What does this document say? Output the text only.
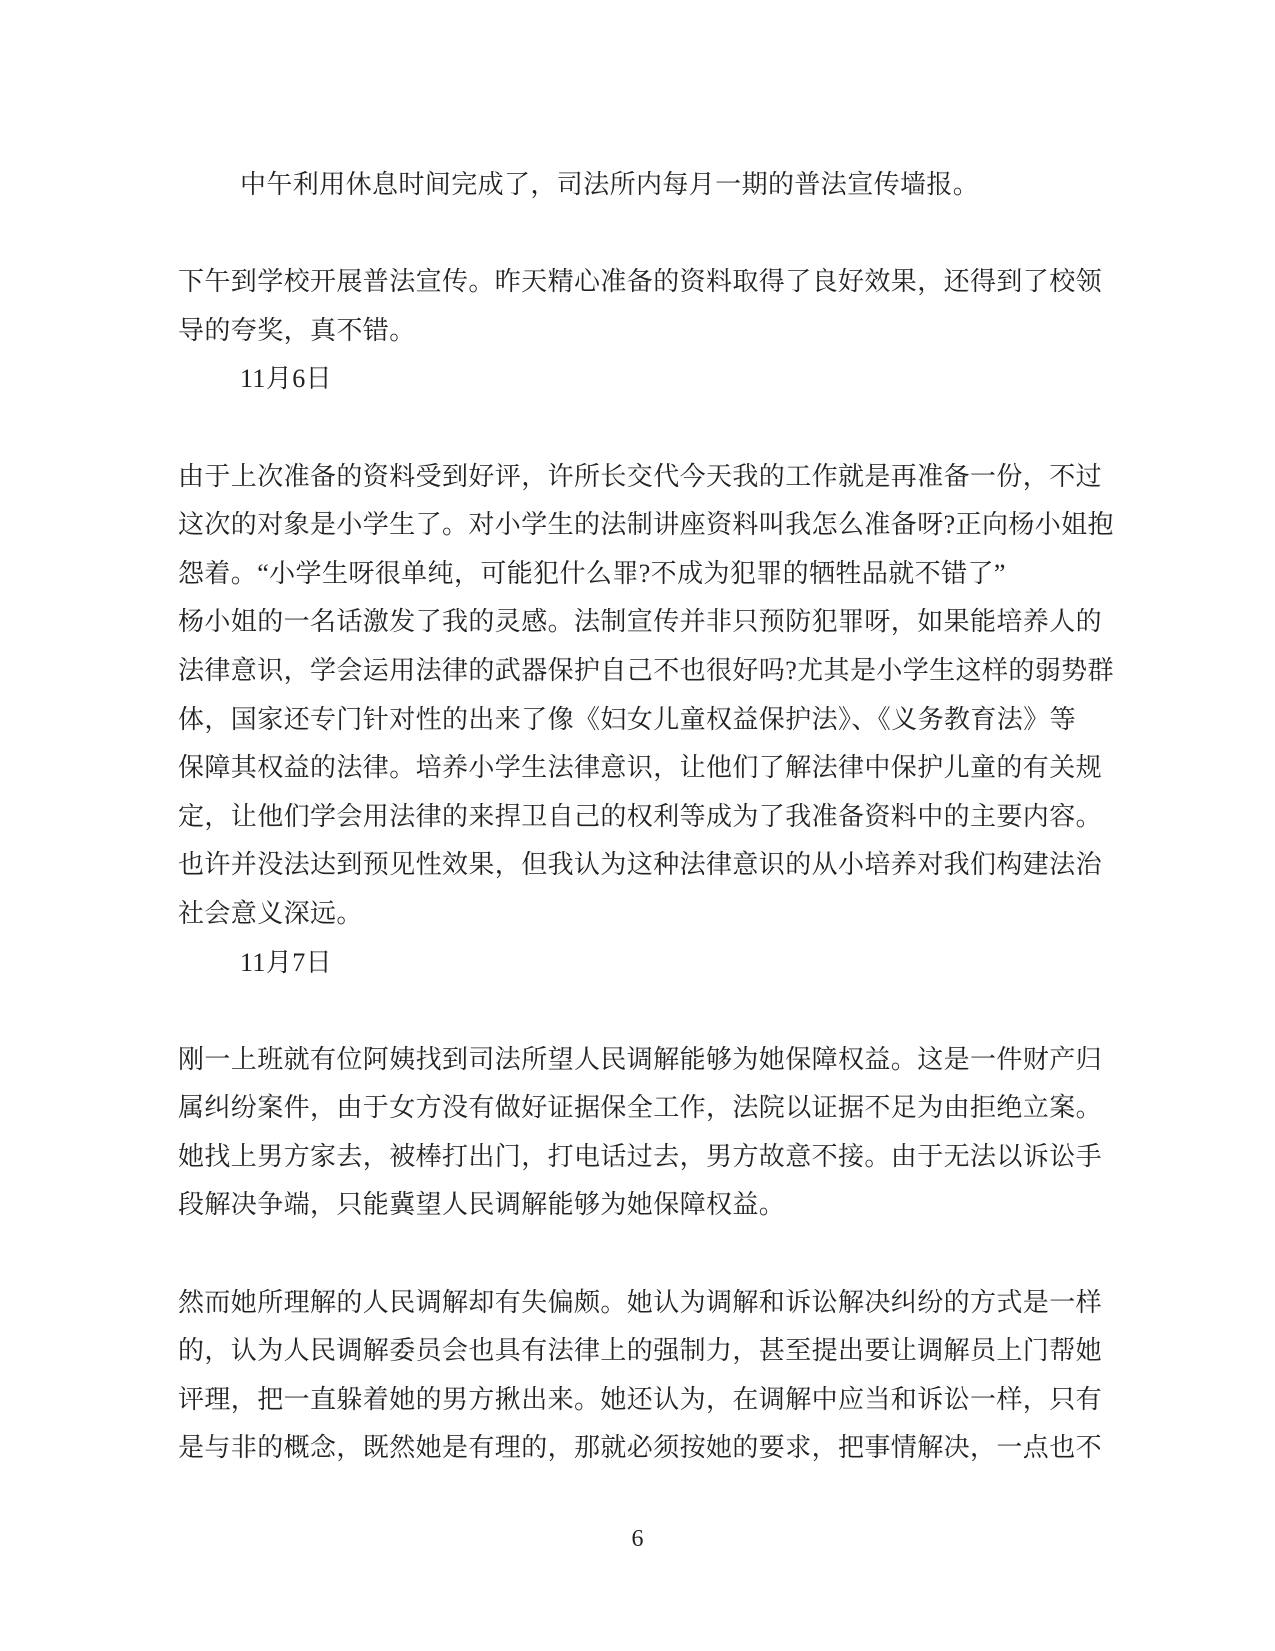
中午利用休息时间完成了，司法所内每月一期的普法宣传墙报。
下午到学校开展普法宣传。昨天精心准备的资料取得了良好效果，还得到了校领
导的夸奖，真不错。
11月6日
由于上次准备的资料受到好评，许所长交代今天我的工作就是再准备一份，不过
这次的对象是小学生了。对小学生的法制讲座资料叫我怎么准备呀?正向杨小姐抱
怨着。“小学生呀很单纯，可能犯什么罪?不成为犯罪的牺牲品就不错了”
杨小姐的一名话激发了我的灵感。法制宣传并非只预防犯罪呀，如果能培养人的
法律意识，学会运用法律的武器保护自己不也很好吗?尤其是小学生这样的弱势群
体，国家还专门针对性的出来了像《妇女儿童权益保护法》、《义务教育法》等
保障其权益的法律。培养小学生法律意识，让他们了解法律中保护儿童的有关规
定，让他们学会用法律的来捍卫自己的权利等成为了我准备资料中的主要内容。
也许并没法达到预见性效果，但我认为这种法律意识的从小培养对我们构建法治
社会意义深远。
11月7日
刚一上班就有位阿姨找到司法所望人民调解能够为她保障权益。这是一件财产归
属纠纷案件，由于女方没有做好证据保全工作，法院以证据不足为由拒绝立案。
她找上男方家去，被棒打出门，打电话过去，男方故意不接。由于无法以诉讼手
段解决争端，只能冀望人民调解能够为她保障权益。
然而她所理解的人民调解却有失偏颇。她认为调解和诉讼解决纠纷的方式是一样
的，认为人民调解委员会也具有法律上的强制力，甚至提出要让调解员上门帮她
评理，把一直躲着她的男方揪出来。她还认为，在调解中应当和诉讼一样，只有
是与非的概念，既然她是有理的，那就必须按她的要求，把事情解决，一点也不
6
